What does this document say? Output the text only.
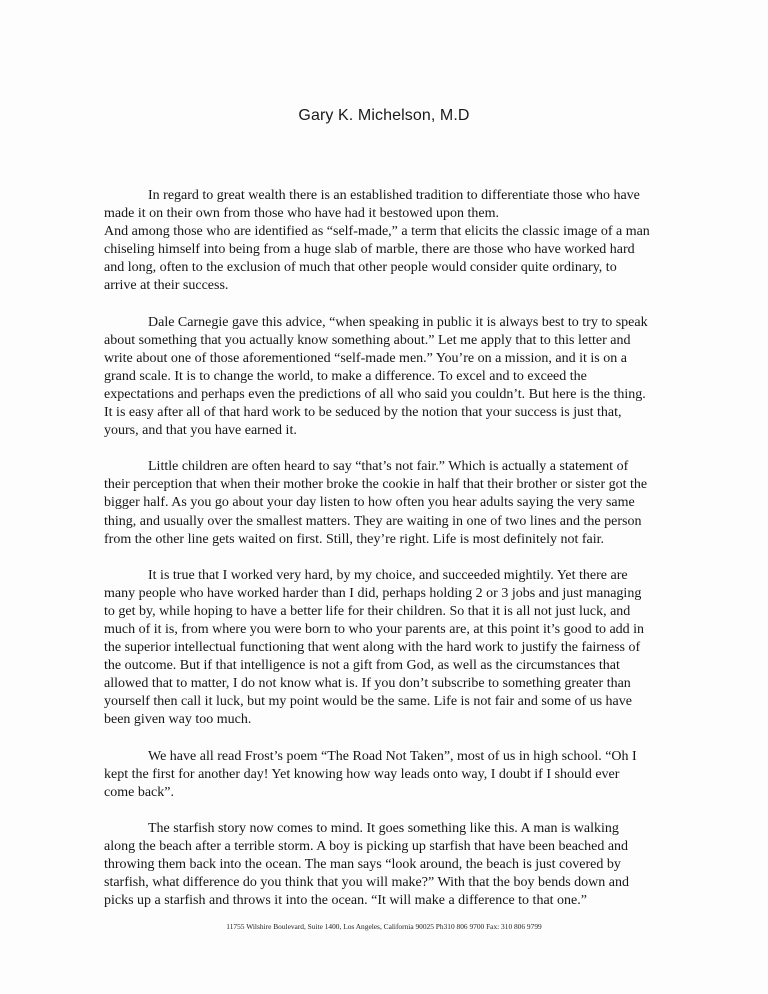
Gary K. Michelson, M.D
In regard to great wealth there is an established tradition to differentiate those who have
made it on their own from those who have had it bestowed upon them.
And among those who are identified as “self-made,” a term that elicits the classic image of a man
chiseling himself into being from a huge slab of marble, there are those who have worked hard
and long, often to the exclusion of much that other people would consider quite ordinary, to
arrive at their success.
Dale Carnegie gave this advice, “when speaking in public it is always best to try to speak
about something that you actually know something about.” Let me apply that to this letter and
write about one of those aforementioned “self-made men.” You’re on a mission, and it is on a
grand scale. It is to change the world, to make a difference. To excel and to exceed the
expectations and perhaps even the predictions of all who said you couldn’t. But here is the thing.
It is easy after all of that hard work to be seduced by the notion that your success is just that,
yours, and that you have earned it.
Little children are often heard to say “that’s not fair.” Which is actually a statement of
their perception that when their mother broke the cookie in half that their brother or sister got the
bigger half. As you go about your day listen to how often you hear adults saying the very same
thing, and usually over the smallest matters. They are waiting in one of two lines and the person
from the other line gets waited on first. Still, they’re right. Life is most definitely not fair.
It is true that I worked very hard, by my choice, and succeeded mightily. Yet there are
many people who have worked harder than I did, perhaps holding 2 or 3 jobs and just managing
to get by, while hoping to have a better life for their children. So that it is all not just luck, and
much of it is, from where you were born to who your parents are, at this point it’s good to add in
the superior intellectual functioning that went along with the hard work to justify the fairness of
the outcome. But if that intelligence is not a gift from God, as well as the circumstances that
allowed that to matter, I do not know what is. If you don’t subscribe to something greater than
yourself then call it luck, but my point would be the same. Life is not fair and some of us have
been given way too much.
We have all read Frost’s poem “The Road Not Taken”, most of us in high school. “Oh I
kept the first for another day! Yet knowing how way leads onto way, I doubt if I should ever
come back”.
The starfish story now comes to mind. It goes something like this. A man is walking
along the beach after a terrible storm. A boy is picking up starfish that have been beached and
throwing them back into the ocean. The man says “look around, the beach is just covered by
starfish, what difference do you think that you will make?” With that the boy bends down and
picks up a starfish and throws it into the ocean. “It will make a difference to that one.”
11755 Wilshire Boulevard, Suite 1400, Los Angeles, California 90025 Ph310 806 9700 Fax: 310 806 9799
